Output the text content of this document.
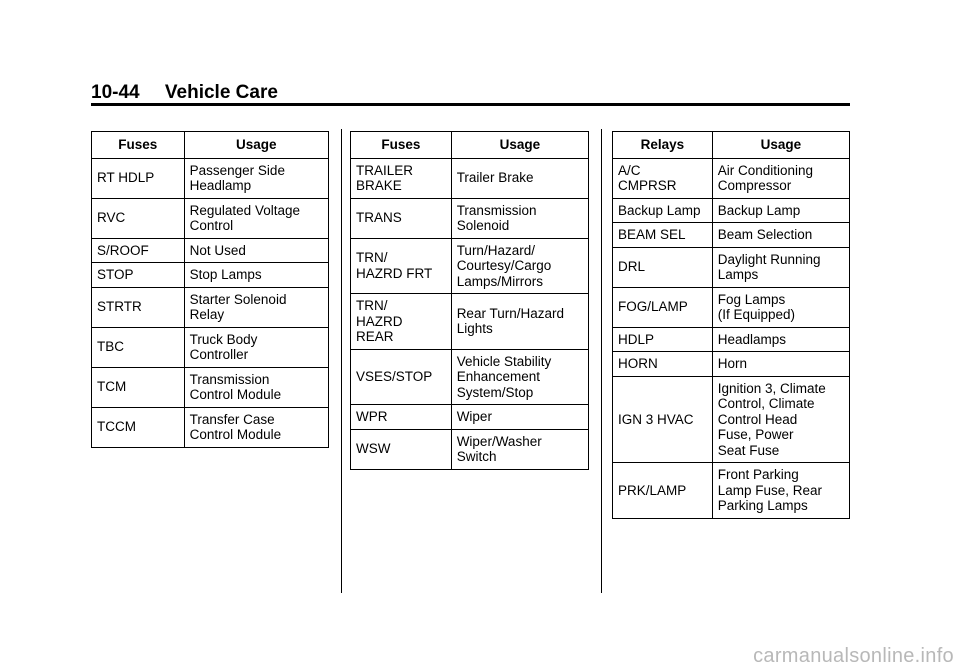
10-44 Vehicle Care
Fuses	Usage
RT HDLP	Passenger Side
Headlamp
RVC	Regulated Voltage
Control
S/ROOF	Not Used
STOP	Stop Lamps
STRTR	Starter Solenoid
Relay
TBC	Truck Body
Controller
TCM	Transmission
Control Module
TCCM	Transfer Case
Control Module
Fuses	Usage
TRAILER
BRAKE	Trailer Brake
TRANS	Transmission
Solenoid
TRN/
HAZRD FRT	Turn/Hazard/
Courtesy/Cargo
Lamps/Mirrors
TRN/
HAZRD
REAR	Rear Turn/Hazard
Lights
VSES/STOP	Vehicle Stability
Enhancement
System/Stop
WPR	Wiper
WSW	Wiper/Washer
Switch
Relays	Usage
A/C
CMPRSR	Air Conditioning
Compressor
Backup Lamp	Backup Lamp
BEAM SEL	Beam Selection
DRL	Daylight Running
Lamps
FOG/LAMP	Fog Lamps
(If Equipped)
HDLP	Headlamps
HORN	Horn
IGN 3 HVAC	Ignition 3, Climate
Control, Climate
Control Head
Fuse, Power
Seat Fuse
PRK/LAMP	Front Parking
Lamp Fuse, Rear
Parking Lamps
carmanualsonline.info
